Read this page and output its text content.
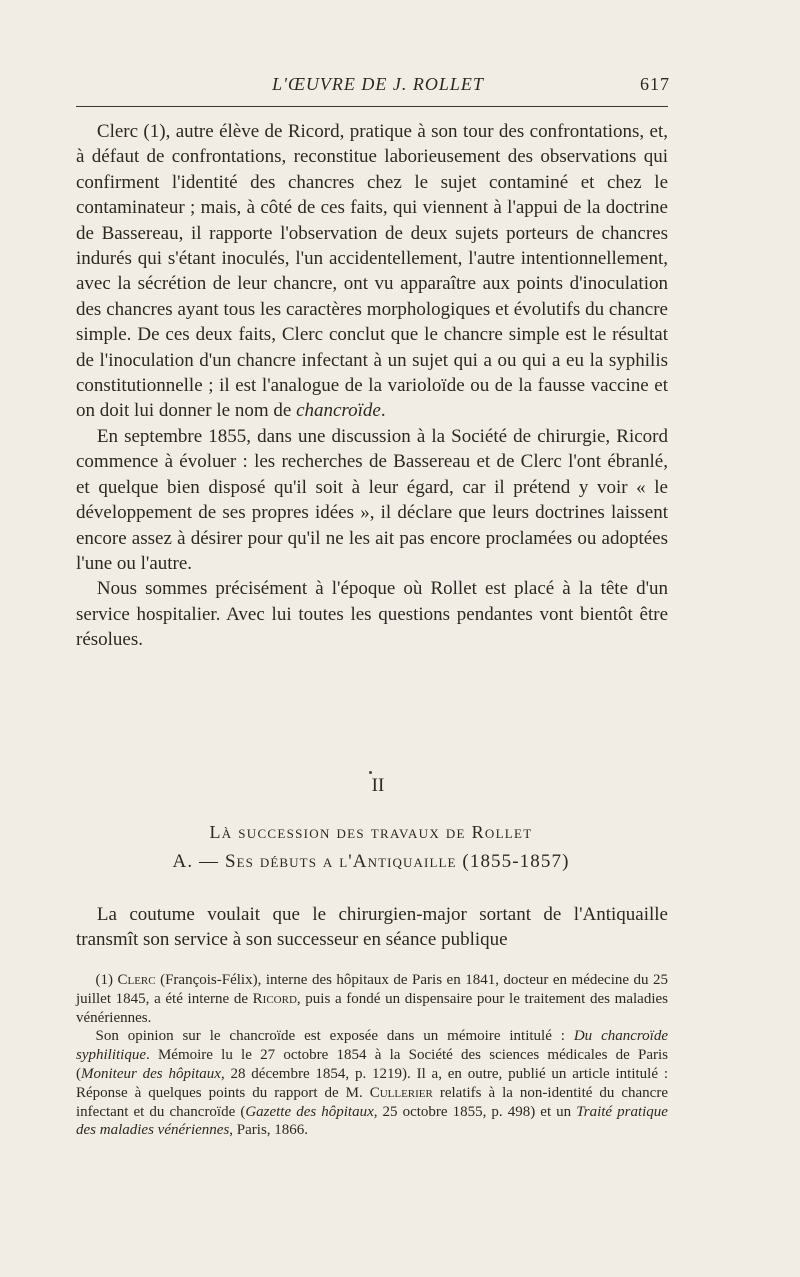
L'ŒUVRE DE J. ROLLET	617

Clerc (1), autre élève de Ricord, pratique à son tour des confrontations, et, à défaut de confrontations, reconstitue laborieusement des observations qui confirment l'identité des chancres chez le sujet contaminé et chez le contaminateur ; mais, à côté de ces faits, qui viennent à l'appui de la doctrine de Bassereau, il rapporte l'observation de deux sujets porteurs de chancres indurés qui s'étant inoculés, l'un accidentellement, l'autre intentionnellement, avec la sécrétion de leur chancre, ont vu apparaître aux points d'inoculation des chancres ayant tous les caractères morphologiques et évolutifs du chancre simple. De ces deux faits, Clerc conclut que le chancre simple est le résultat de l'inoculation d'un chancre infectant à un sujet qui a ou qui a eu la syphilis constitutionnelle ; il est l'analogue de la varioloïde ou de la fausse vaccine et on doit lui donner le nom de chancroïde.

En septembre 1855, dans une discussion à la Société de chirurgie, Ricord commence à évoluer : les recherches de Bassereau et de Clerc l'ont ébranlé, et quelque bien disposé qu'il soit à leur égard, car il prétend y voir « le développement de ses propres idées », il déclare que leurs doctrines laissent encore assez à désirer pour qu'il ne les ait pas encore proclamées ou adoptées l'une ou l'autre.

Nous sommes précisément à l'époque où Rollet est placé à la tête d'un service hospitalier. Avec lui toutes les questions pendantes vont bientôt être résolues.

II
Là succession des travaux de Rollet
A. — Ses débuts a l'Antiquaille (1855-1857)

La coutume voulait que le chirurgien-major sortant de l'Antiquaille transmît son service à son successeur en séance publique

(1) Clerc (François-Félix), interne des hôpitaux de Paris en 1841, docteur en médecine du 25 juillet 1845, a été interne de Ricord, puis a fondé un dispensaire pour le traitement des maladies vénériennes.

Son opinion sur le chancroïde est exposée dans un mémoire intitulé : Du chancroïde syphilitique. Mémoire lu le 27 octobre 1854 à la Société des sciences médicales de Paris (Moniteur des hôpitaux, 28 décembre 1854, p. 1219). Il a, en outre, publié un article intitulé : Réponse à quelques points du rapport de M. Cullerier relatifs à la non-identité du chancre infectant et du chancroïde (Gazette des hôpitaux, 25 octobre 1855, p. 498) et un Traité pratique des maladies vénériennes, Paris, 1866.
